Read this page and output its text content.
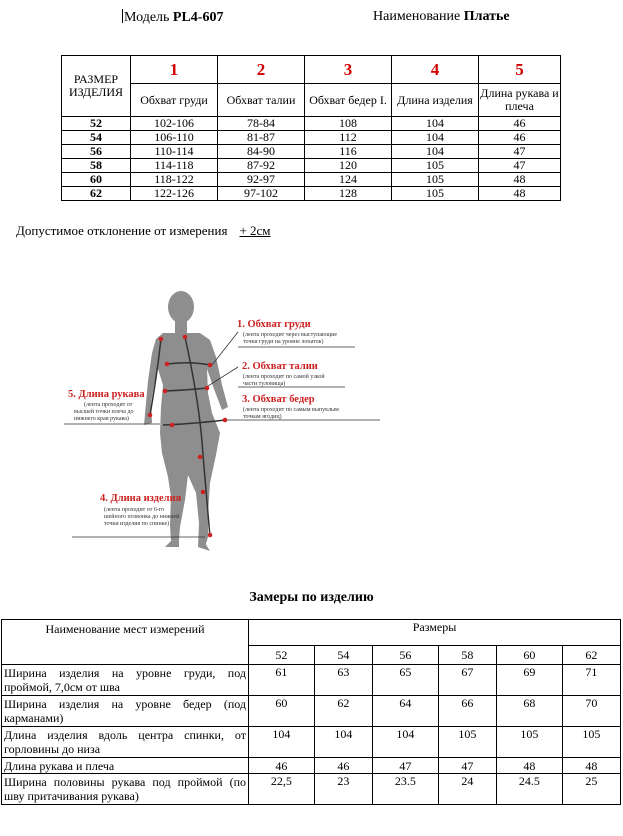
Модель PL4-607	Наименование Платье
РАЗМЕР ИЗДЕЛИЯ	1	2	3	4	5
	Обхват груди	Обхват талии	Обхват бедер I.	Длина изделия	Длина рукава и плеча
52	102-106	78-84	108	104	46
54	106-110	81-87	112	104	46
56	110-114	84-90	116	104	47
58	114-118	87-92	120	105	47
60	118-122	92-97	124	105	48
62	122-126	97-102	128	105	48
Допустимое отклонение от измерения + 2см
1. Обхват груди
(лента проходит через выступающие
точки груди на уровне лопаток)
2. Обхват талии
(лента проходит по самой узкой
части туловища)
3. Обхват бедер
(лента проходит по самым выпуклым
точкам ягодиц)
4. Длина изделия
(лента проходит от 6-го
шейного позвонка до нижней
точки изделия по спинке)
5. Длина рукава
(лента проходит от
высшей точки плеча до
нижнего края рукава)
Замеры по изделию
Наименование мест измерений	Размеры					
	52	54	56	58	60	62
Ширина изделия на уровне груди, под проймой, 7,0см от шва	61	63	65	67	69	71
Ширина изделия на уровне бедер (под карманами)	60	62	64	66	68	70
Длина изделия вдоль центра спинки, от горловины до низа	104	104	104	105	105	105
Длина рукава и плеча	46	46	47	47	48	48
Ширина половины рукава под проймой (по шву притачивания рукава)	22,5	23	23.5	24	24.5	25
